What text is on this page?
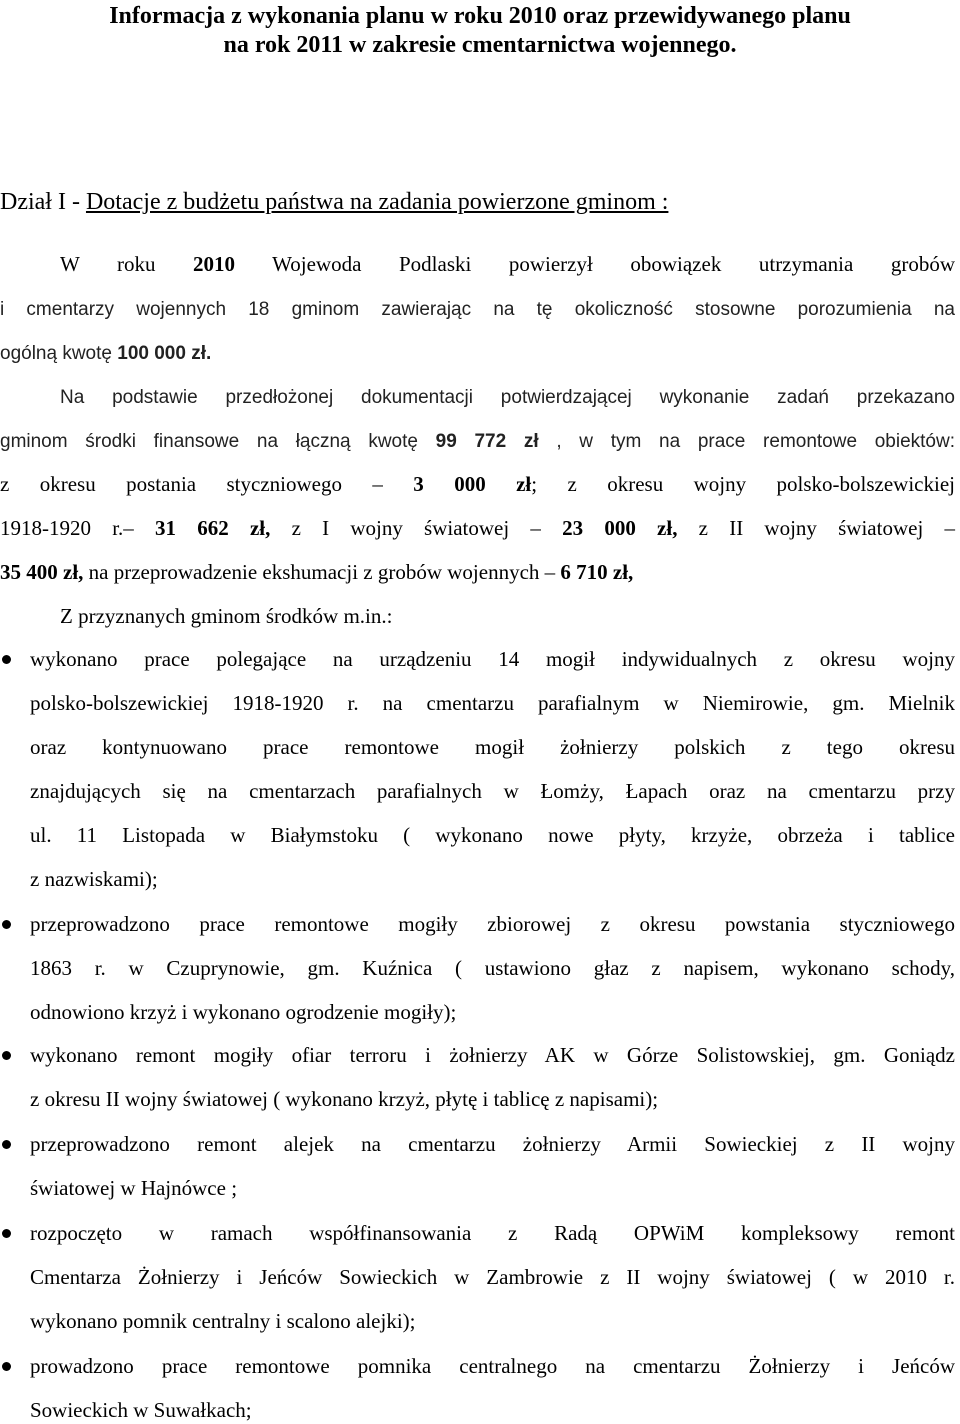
Informacja z wykonania planu w roku 2010 oraz przewidywanego planu
na rok 2011 w zakresie cmentarnictwa wojennego.

Dział I - Dotacje z budżetu państwa na zadania powierzone gminom :

W roku 2010 Wojewoda Podlaski powierzył obowiązek utrzymania grobów

i cmentarzy wojennych 18 gminom zawierając na tę okoliczność stosowne porozumienia na

ogólną kwotę 100 000 zł.

Na podstawie przedłożonej dokumentacji potwierdzającej wykonanie zadań przekazano

gminom środki finansowe na łączną kwotę 99 772 zł , w tym na prace remontowe obiektów:

z okresu postania styczniowego – 3 000 zł; z okresu wojny polsko-bolszewickiej

1918-1920 r.– 31 662 zł, z I wojny światowej – 23 000 zł, z II wojny światowej –

35 400 zł, na przeprowadzenie ekshumacji z grobów wojennych – 6 710 zł,

Z przyznanych gminom środków m.in.:

wykonano prace polegające na urządzeniu 14 mogił indywidualnych z okresu wojny

polsko-bolszewickiej 1918-1920 r. na cmentarzu parafialnym w Niemirowie, gm. Mielnik

oraz kontynuowano prace remontowe mogił żołnierzy polskich z tego okresu

znajdujących się na cmentarzach parafialnych w Łomży, Łapach oraz na cmentarzu przy

ul. 11 Listopada w Białymstoku ( wykonano nowe płyty, krzyże, obrzeża i tablice

z nazwiskami);

przeprowadzono prace remontowe mogiły zbiorowej z okresu powstania styczniowego

1863 r. w Czuprynowie, gm. Kuźnica ( ustawiono głaz z napisem, wykonano schody,

odnowiono krzyż i wykonano ogrodzenie mogiły);

wykonano remont mogiły ofiar terroru i żołnierzy AK w Górze Solistowskiej, gm. Goniądz

z okresu II wojny światowej ( wykonano krzyż, płytę i tablicę z napisami);

przeprowadzono remont alejek na cmentarzu żołnierzy Armii Sowieckiej z II wojny

światowej w Hajnówce ;

rozpoczęto w ramach współfinansowania z Radą OPWiM kompleksowy remont

Cmentarza Żołnierzy i Jeńców Sowieckich w Zambrowie z II wojny światowej ( w 2010 r.

wykonano pomnik centralny i scalono alejki);

prowadzono prace remontowe pomnika centralnego na cmentarzu Żołnierzy i Jeńców

Sowieckich w Suwałkach;
